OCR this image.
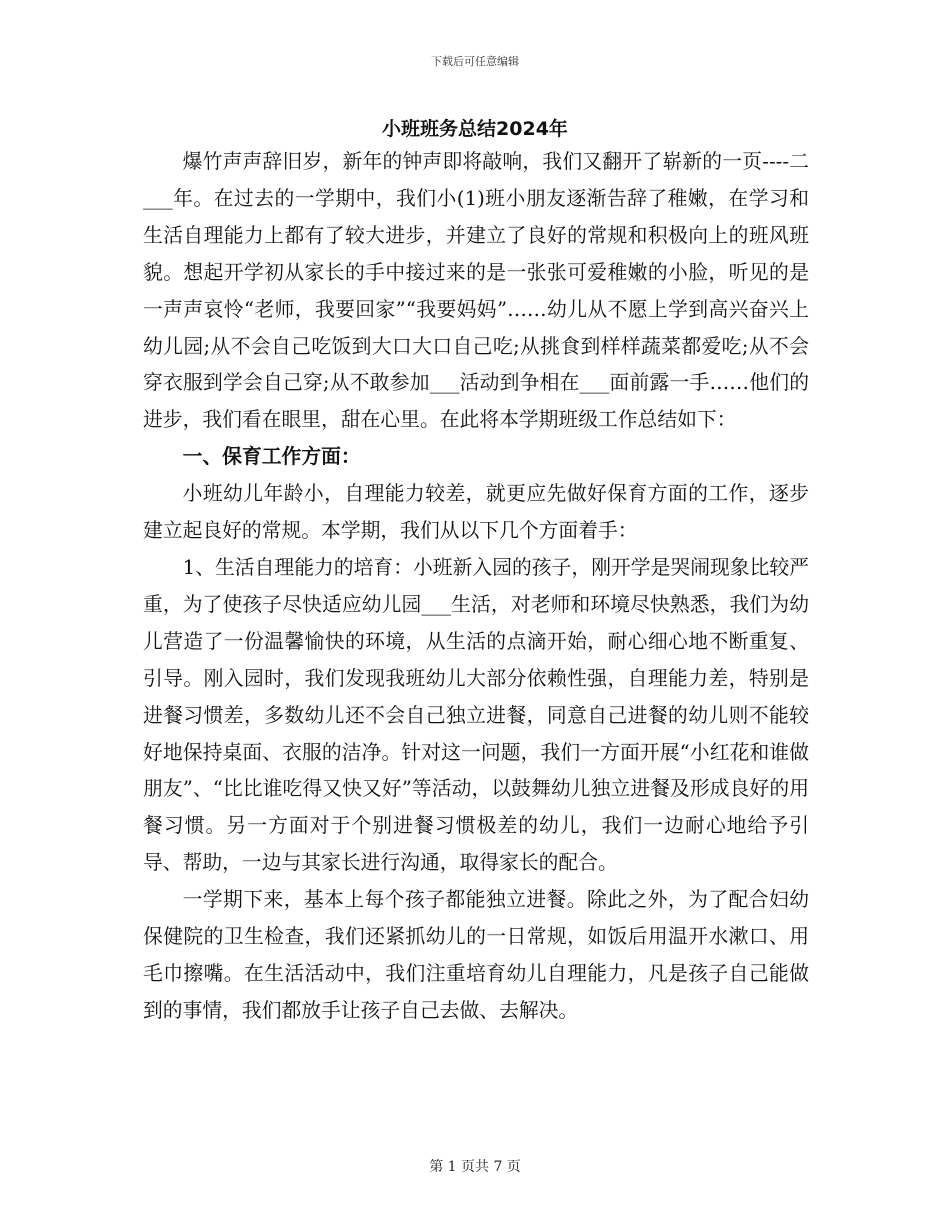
下载后可任意编辑
小班班务总结2024年

爆竹声声辞旧岁，新年的钟声即将敲响，我们又翻开了崭新的一页----二___年。在过去的一学期中，我们小(1)班小朋友逐渐告辞了稚嫩，在学习和生活自理能力上都有了较大进步，并建立了良好的常规和积极向上的班风班貌。想起开学初从家长的手中接过来的是一张张可爱稚嫩的小脸，听见的是一声声哀怜“老师，我要回家”“我要妈妈”……幼儿从不愿上学到高兴奋兴上幼儿园;从不会自己吃饭到大口大口自己吃;从挑食到样样蔬菜都爱吃;从不会穿衣服到学会自己穿;从不敢参加___活动到争相在___面前露一手……他们的进步，我们看在眼里，甜在心里。在此将本学期班级工作总结如下：

一、保育工作方面：

小班幼儿年龄小，自理能力较差，就更应先做好保育方面的工作，逐步建立起良好的常规。本学期，我们从以下几个方面着手：

1、生活自理能力的培育：小班新入园的孩子，刚开学是哭闹现象比较严重，为了使孩子尽快适应幼儿园___生活，对老师和环境尽快熟悉，我们为幼儿营造了一份温馨愉快的环境，从生活的点滴开始，耐心细心地不断重复、引导。刚入园时，我们发现我班幼儿大部分依赖性强，自理能力差，特别是进餐习惯差，多数幼儿还不会自己独立进餐，同意自己进餐的幼儿则不能较好地保持桌面、衣服的洁净。针对这一问题，我们一方面开展“小红花和谁做朋友”、“比比谁吃得又快又好”等活动，以鼓舞幼儿独立进餐及形成良好的用餐习惯。另一方面对于个别进餐习惯极差的幼儿，我们一边耐心地给予引导、帮助，一边与其家长进行沟通，取得家长的配合。

一学期下来，基本上每个孩子都能独立进餐。除此之外，为了配合妇幼保健院的卫生检查，我们还紧抓幼儿的一日常规，如饭后用温开水漱口、用毛巾擦嘴。在生活活动中，我们注重培育幼儿自理能力，凡是孩子自己能做到的事情，我们都放手让孩子自己去做、去解决。

第 1 页共 7 页
